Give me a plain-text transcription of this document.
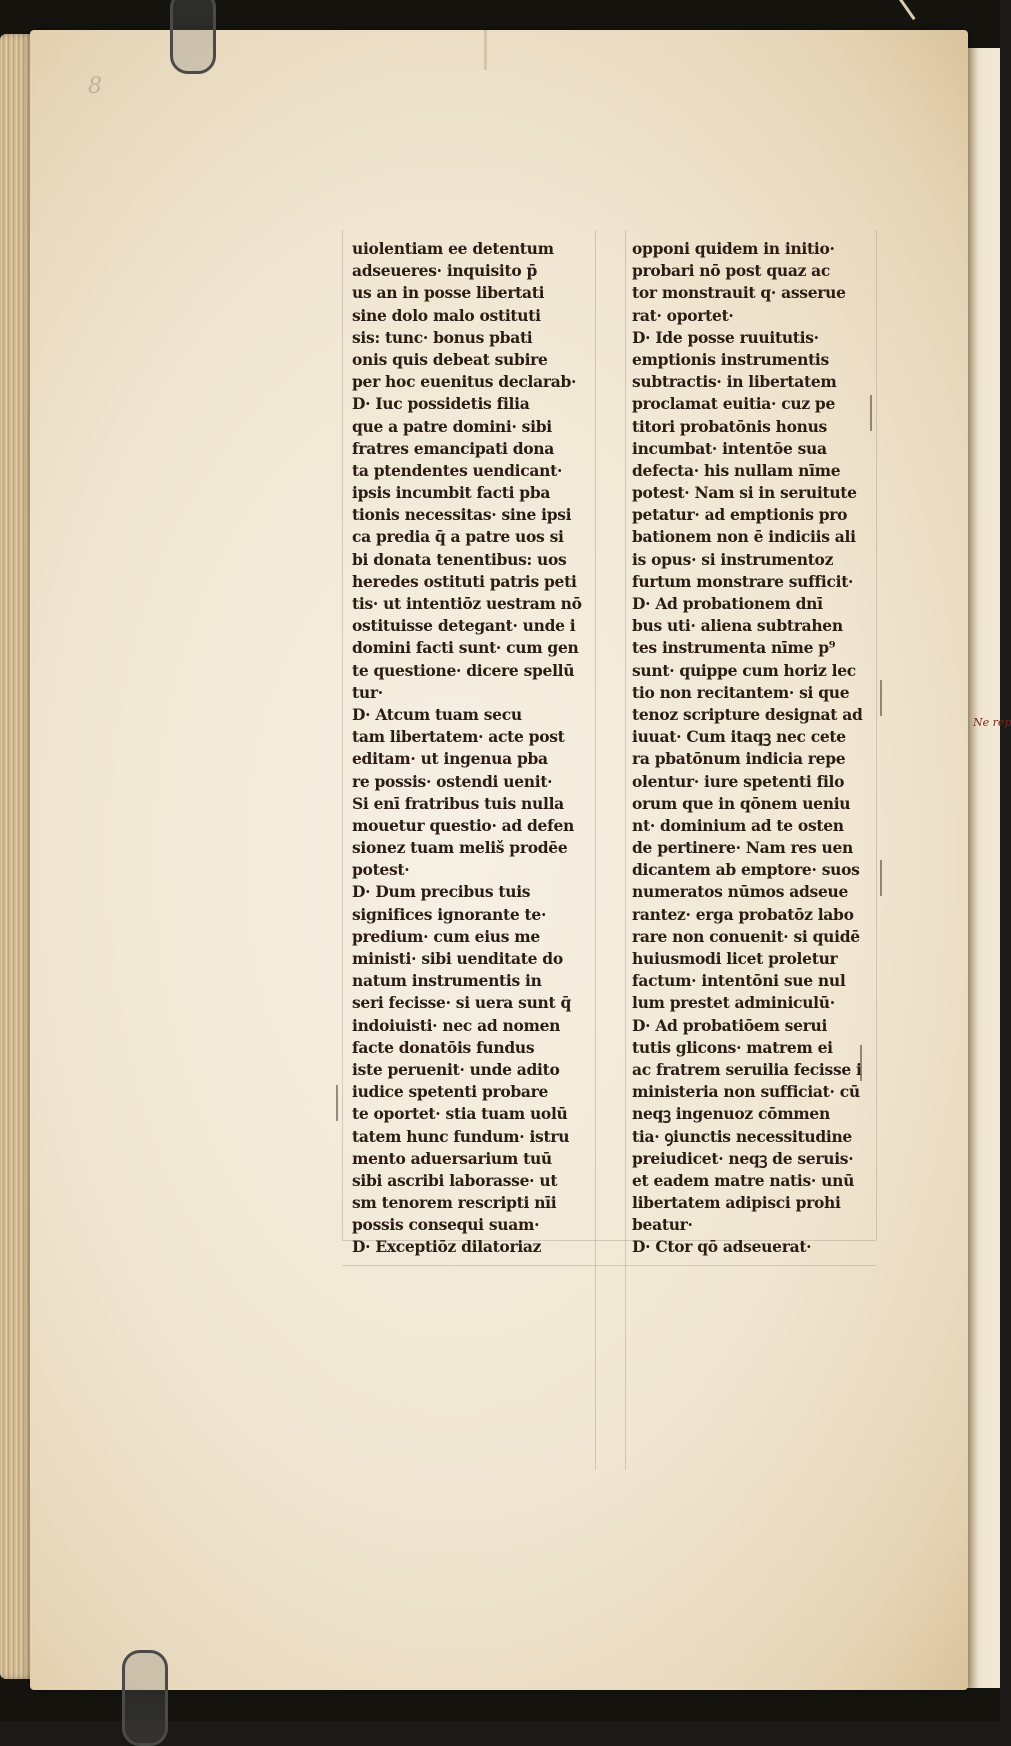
Ne rep
8
uiolentiam ee detentum
adseueres· inquisito p̄
us an in posse libertati
sine dolo malo ostituti
sis: tunc· bonus pbati
onis quis debeat subire
per hoc euenitus declarab·
D· Iuc possidetis filia
que a patre domini· sibi
fratres emancipati dona
ta ptendentes uendicant·
ipsis incumbit facti pba
tionis necessitas· sine ipsi
ca predia q̄ a patre uos si
bi donata tenentibus: uos
heredes ostituti patris peti
tis· ut intentiōz uestram nō
ostituisse detegant· unde i
domini facti sunt· cum gen
te questione· dicere spellū
tur·
D· Atcum tuam secu
tam libertatem· acte post
editam· ut ingenua pba
re possis· ostendi uenit·
Si enī fratribus tuis nulla
mouetur questio· ad defen
sionez tuam meliš prodēe
potest·
D· Dum precibus tuis
significes ignorante te·
predium· cum eius me
ministi· sibi uenditate do
natum instrumentis in
seri fecisse· si uera sunt q̄
indoiuisti· nec ad nomen
facte donatōis fundus
iste peruenit· unde adito
iudice spetenti probare
te oportet· stia tuam uolū
tatem hunc fundum· istru
mento aduersarium tuū
sibi ascribi laborasse· ut
sm tenorem rescripti nīi
possis consequi suam·
D· Exceptiōz dilatoriaz
opponi quidem in initio·
probari nō post quaz ac
tor monstrauit q· asserue
rat· oportet·
D· Ide posse ruuitutis·
emptionis instrumentis
subtractis· in libertatem
proclamat euitia· cuz pe
titori probatōnis honus
incumbat· intentōe sua
defecta· his nullam nīme
potest· Nam si in seruitute
petatur· ad emptionis pro
bationem non ē indiciis ali
is opus· si instrumentoz
furtum monstrare sufficit·
D· Ad probationem dnī
bus uti· aliena subtrahen
tes instrumenta nīme p⁹
sunt· quippe cum horiz lec
tio non recitantem· si que
tenoz scripture designat ad
iuuat· Cum itaqꝫ nec cete
ra pbatōnum indicia repe
olentur· iure spetenti filo
orum que in qōnem ueniu
nt· dominium ad te osten
de pertinere· Nam res uen
dicantem ab emptore· suos
numeratos nūmos adseue
rantez· erga probatōz labo
rare non conuenit· si quidē
huiusmodi licet proletur
factum· intentōni sue nul
lum prestet adminiculū·
D· Ad probatiōem serui
tutis glicons· matrem ei
ac fratrem seruilia fecisse i
ministeria non sufficiat· cū
neqꝫ ingenuoz cōmmen
tia· ꝯiunctis necessitudine
preiudicet· neqꝫ de seruis·
et eadem matre natis· unū
libertatem adipisci prohi
beatur·
D· Ctor qō adseuerat·
